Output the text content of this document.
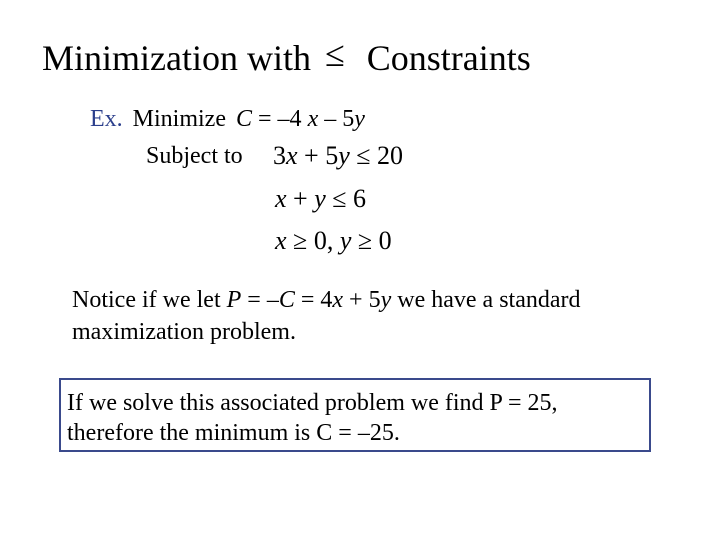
Minimization with ≤ Constraints
Ex. Minimize C = –4 x – 5y
Subject to 3x + 5y ≤ 20
x + y ≤ 6
x ≥ 0, y ≥ 0
Notice if we let P = –C = 4x + 5y we have a standard maximization problem.
If we solve this associated problem we find P = 25, therefore the minimum is C = –25.
